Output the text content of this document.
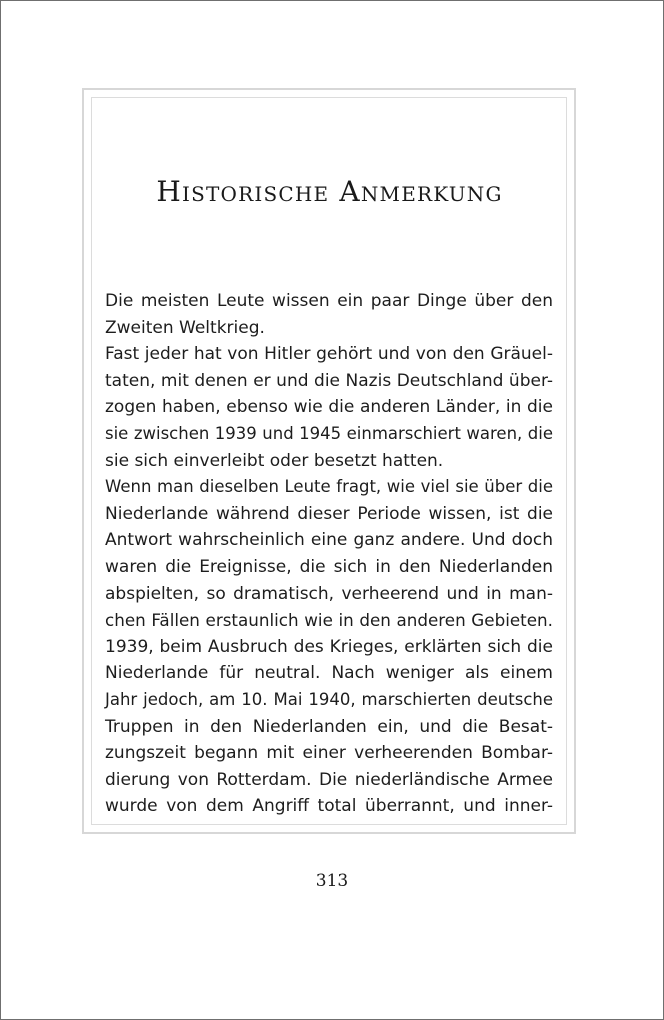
Historische Anmerkung
Die meisten Leute wissen ein paar Dinge über den
Zweiten Weltkrieg.
Fast jeder hat von Hitler gehört und von den Gräuel-
taten, mit denen er und die Nazis Deutschland über-
zogen haben, ebenso wie die anderen Länder, in die
sie zwischen 1939 und 1945 einmarschiert waren, die
sie sich einverleibt oder besetzt hatten.
Wenn man dieselben Leute fragt, wie viel sie über die
Niederlande während dieser Periode wissen, ist die
Antwort wahrscheinlich eine ganz andere. Und doch
waren die Ereignisse, die sich in den Niederlanden
abspielten, so dramatisch, verheerend und in man-
chen Fällen erstaunlich wie in den anderen Gebieten.
1939, beim Ausbruch des Krieges, erklärten sich die
Niederlande für neutral. Nach weniger als einem
Jahr jedoch, am 10. Mai 1940, marschierten deutsche
Truppen in den Niederlanden ein, und die Besat-
zungszeit begann mit einer verheerenden Bombar-
dierung von Rotterdam. Die niederländische Armee
wurde von dem Angriff total überrannt, und inner-
313
